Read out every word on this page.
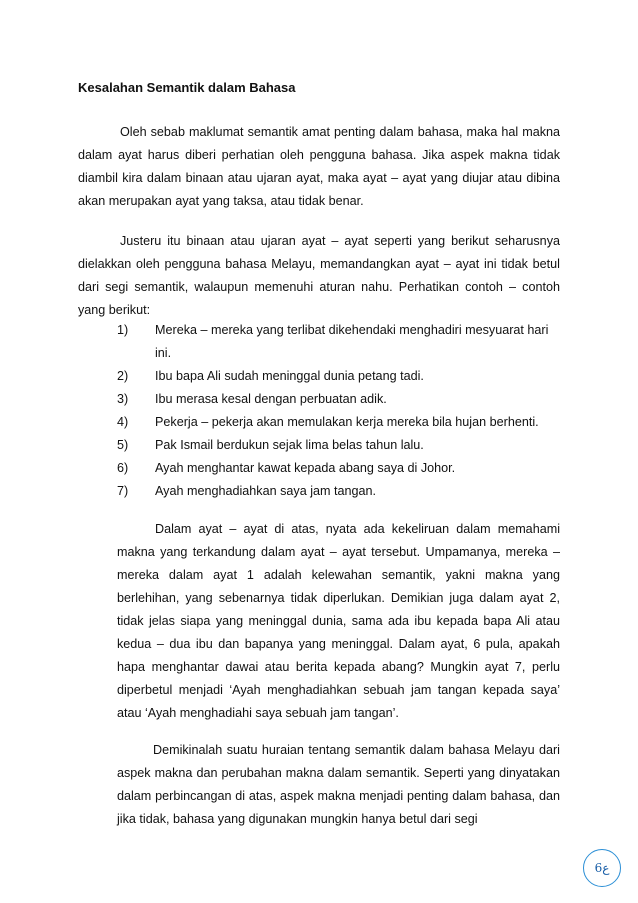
Kesalahan Semantik dalam Bahasa

Oleh sebab maklumat semantik amat penting dalam bahasa, maka hal makna dalam ayat harus diberi perhatian oleh pengguna bahasa. Jika aspek makna tidak diambil kira dalam binaan atau ujaran ayat, maka ayat – ayat yang diujar atau dibina akan merupakan ayat yang taksa, atau tidak benar.

Justeru itu binaan atau ujaran ayat – ayat seperti yang berikut seharusnya dielakkan oleh pengguna bahasa Melayu, memandangkan ayat – ayat ini tidak betul dari segi semantik, walaupun memenuhi aturan nahu. Perhatikan contoh – contoh yang berikut:

1)	Mereka – mereka yang terlibat dikehendaki menghadiri mesyuarat hari ini.
2)	Ibu bapa Ali sudah meninggal dunia petang tadi.
3)	Ibu merasa kesal dengan perbuatan adik.
4)	Pekerja – pekerja akan memulakan kerja mereka bila hujan berhenti.
5)	Pak Ismail berdukun sejak lima belas tahun lalu.
6)	Ayah menghantar kawat kepada abang saya di Johor.
7)	Ayah menghadiahkan saya jam tangan.

Dalam ayat – ayat di atas, nyata ada kekeliruan dalam memahami makna yang terkandung dalam ayat – ayat tersebut. Umpamanya, mereka – mereka dalam ayat 1 adalah kelewahan semantik, yakni makna yang berlehihan, yang sebenarnya tidak diperlukan. Demikian juga dalam ayat 2, tidak jelas siapa yang meninggal dunia, sama ada ibu kepada bapa Ali atau kedua – dua ibu dan bapanya yang meninggal. Dalam ayat, 6 pula, apakah hapa menghantar dawai atau berita kepada abang? Mungkin ayat 7, perlu diperbetul menjadi ‘Ayah menghadiahkan sebuah jam tangan kepada saya’ atau ‘Ayah menghadiahi saya sebuah jam tangan’.

Demikinalah suatu huraian tentang semantik dalam bahasa Melayu dari aspek makna dan perubahan makna dalam semantik. Seperti yang dinyatakan dalam perbincangan di atas, aspek makna menjadi penting dalam bahasa, dan jika tidak, bahasa yang digunakan mungkin hanya betul dari segi

6ع
